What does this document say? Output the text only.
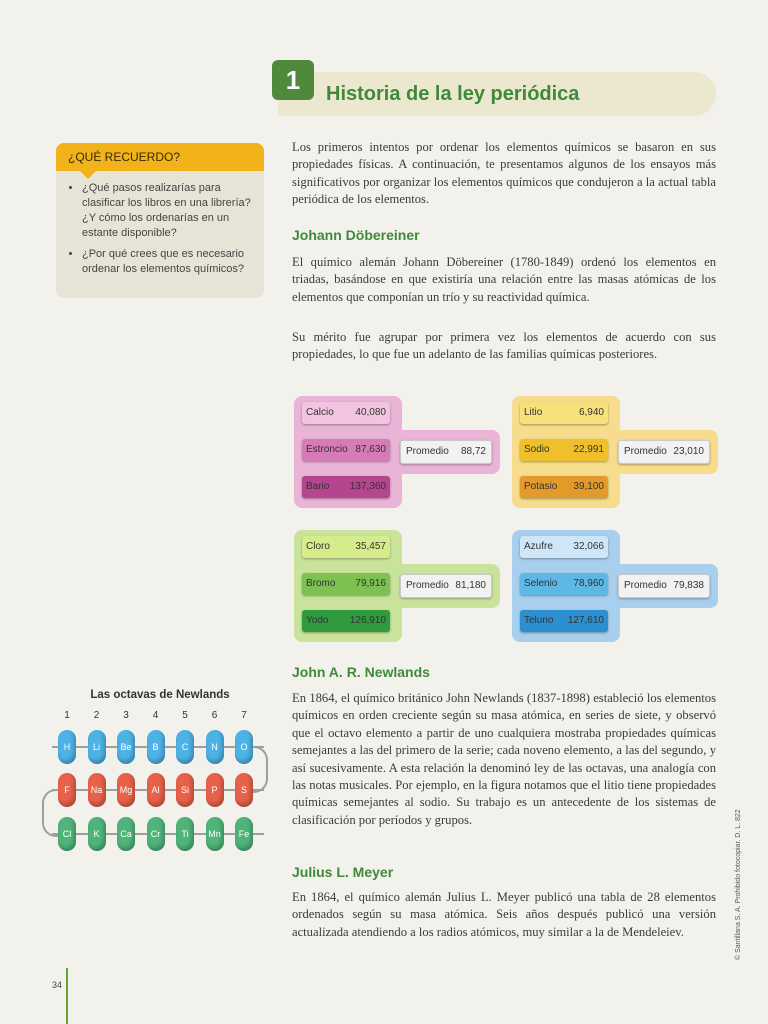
1	Historia de la ley periódica
¿QUÉ RECUERDO?
• ¿Qué pasos realizarías para clasificar los libros en una librería? ¿Y cómo los ordenarías en un estante disponible?
• ¿Por qué crees que es necesario ordenar los elementos químicos?
Los primeros intentos por ordenar los elementos químicos se basaron en sus propiedades físicas. A continuación, te presentamos algunos de los ensayos más significativos por organizar los elementos químicos que condujeron a la actual tabla periódica de los elementos.
Johann Döbereiner
El químico alemán Johann Döbereiner (1780-1849) ordenó los elementos en triadas, basándose en que existiría una relación entre las masas atómicas de los elementos que componían un trío y su reactividad química.
Su mérito fue agrupar por primera vez los elementos de acuerdo con sus propiedades, lo que fue un adelanto de las familias químicas posteriores.
Calcio 40,080
Estroncio 87,630
Bario 137,360
Promedio 88,72
Litio	6,940
Sodio 22,991
Potasio 39,100
Promedio 23,010
Cloro	35,457
Bromo 79,916
Yodo 126,910
Promedio 81,180
Azufre 32,066
Selenio 78,960
Telurio 127,610
Promedio 79,838
John A. R. Newlands
En 1864, el químico británico John Newlands (1837-1898) estableció los elementos químicos en orden creciente según su masa atómica, en series de siete, y observó que el octavo elemento a partir de uno cualquiera mostraba propiedades químicas semejantes a las del primero de la serie; cada noveno elemento, a las del segundo, y así sucesivamente. A esta relación la denominó ley de las octavas, una analogía con las notas musicales. Por ejemplo, en la figura notamos que el litio tiene propiedades químicas semejantes al sodio. Su trabajo es un antecedente de los sistemas de clasificación por períodos y grupos.
Las octavas de Newlands
1	2	3	4	5	6	7
H	Li	Be	B	C	N	O
F	Na	Mg	Al	Si	P	S
Cl	K	Ca	Cr	Ti	Mn	Fe
Julius L. Meyer
En 1864, el químico alemán Julius L. Meyer publicó una tabla de 28 elementos ordenados según su masa atómica. Seis años después publicó una versión actualizada atendiendo a los radios atómicos, muy similar a la de Mendeleiev.
34
© Santillana S. A. Prohibido fotocopiar. D. L. 822
